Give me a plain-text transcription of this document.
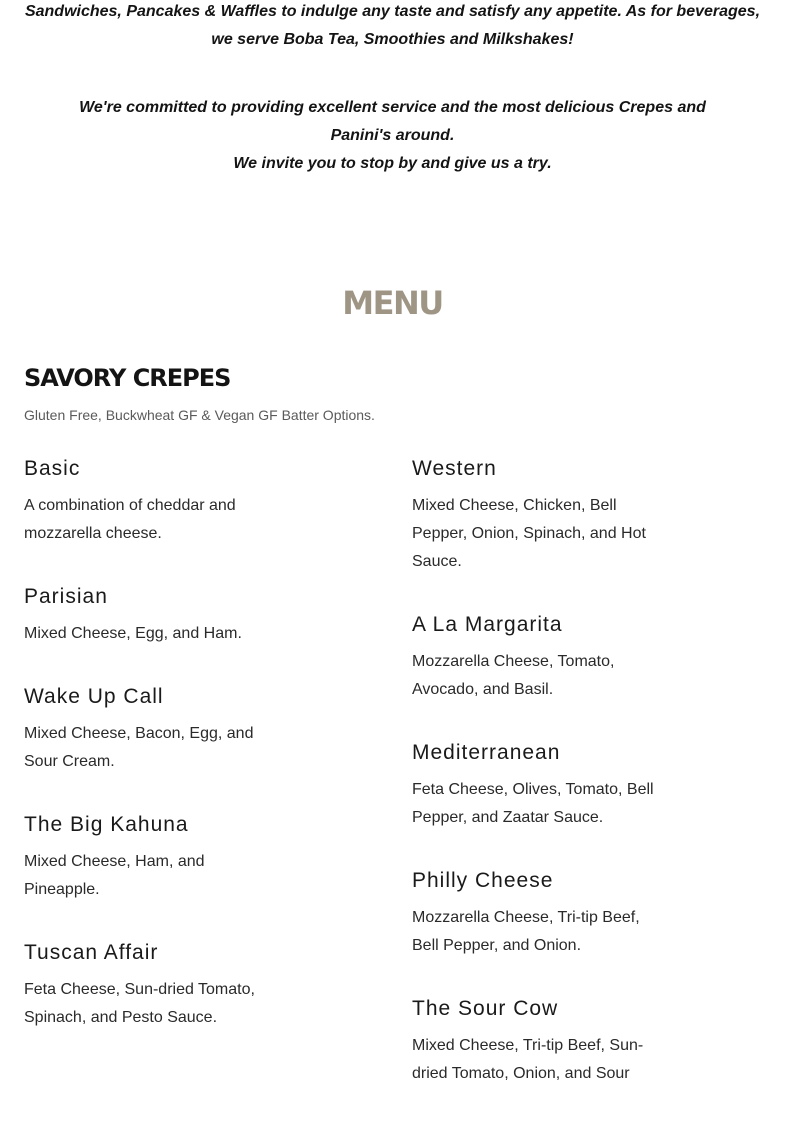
Sandwiches, Pancakes & Waffles to indulge any taste and satisfy any appetite. As for beverages, we serve Boba Tea, Smoothies and Milkshakes!

We're committed to providing excellent service and the most delicious Crepes and Panini's around.

We invite you to stop by and give us a try.

MENU
SAVORY CREPES
Gluten Free, Buckwheat GF & Vegan GF Batter Options.
Basic
A combination of cheddar and mozzarella cheese.
Parisian
Mixed Cheese, Egg, and Ham.
Wake Up Call
Mixed Cheese, Bacon, Egg, and Sour Cream.
The Big Kahuna
Mixed Cheese, Ham, and Pineapple.
Tuscan Affair
Feta Cheese, Sun-dried Tomato, Spinach, and Pesto Sauce.
Western
Mixed Cheese, Chicken, Bell Pepper, Onion, Spinach, and Hot Sauce.
A La Margarita
Mozzarella Cheese, Tomato, Avocado, and Basil.
Mediterranean
Feta Cheese, Olives, Tomato, Bell Pepper, and Zaatar Sauce.
Philly Cheese
Mozzarella Cheese, Tri-tip Beef, Bell Pepper, and Onion.
The Sour Cow
Mixed Cheese, Tri-tip Beef, Sun-dried Tomato, Onion, and Sour
